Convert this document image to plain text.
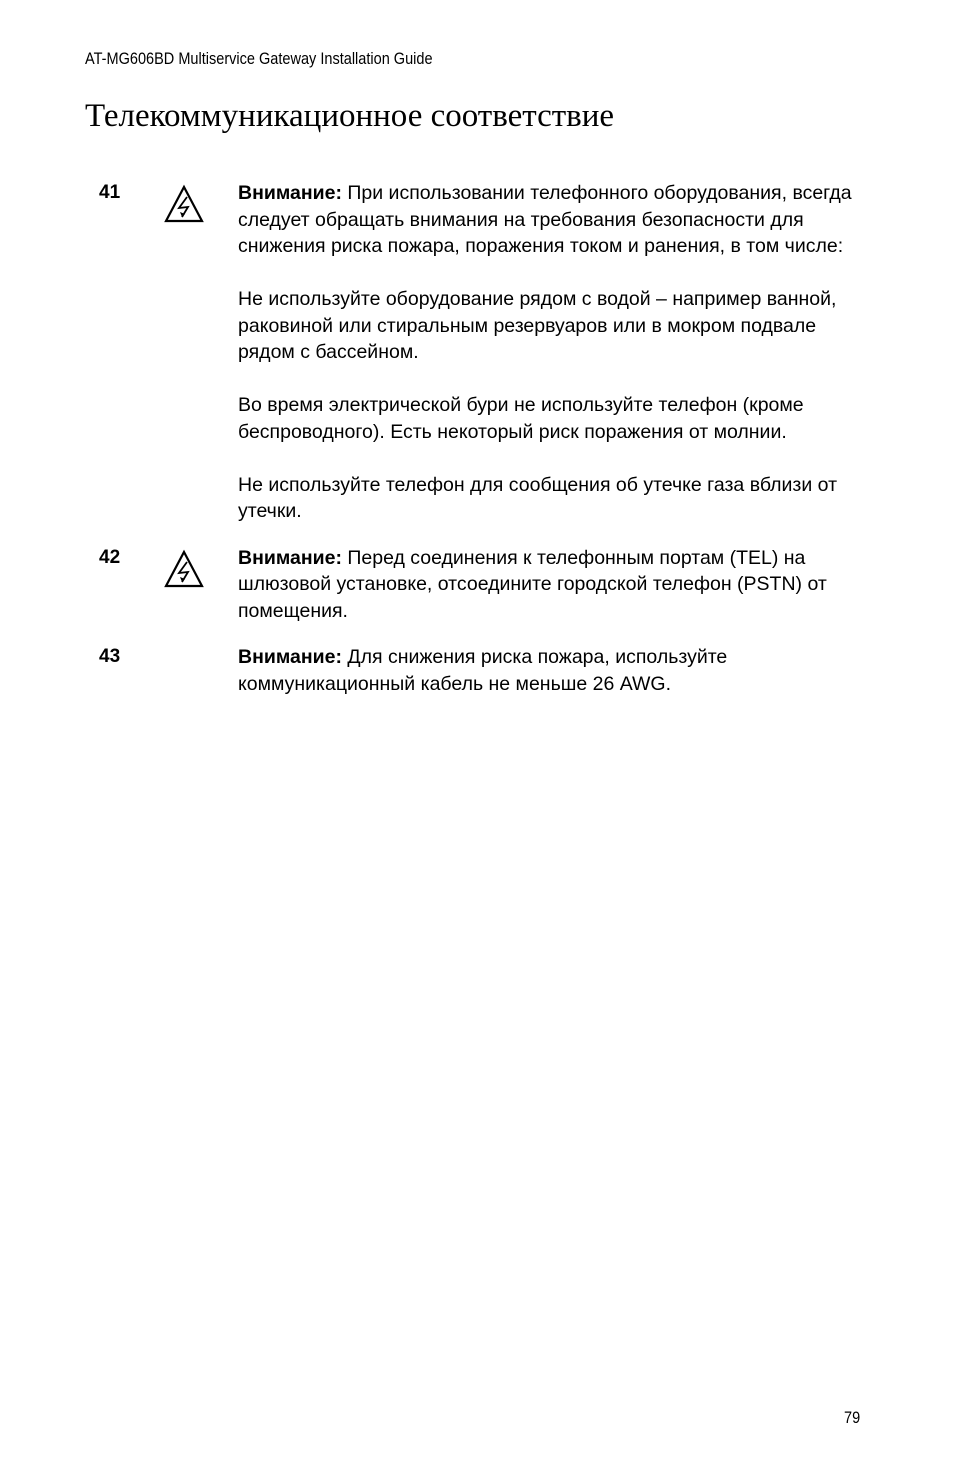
AT-MG606BD Multiservice Gateway Installation Guide
Телекоммуникационное соответствие
41	Внимание: При использовании телефонного оборудования, всегда следует обращать внимания на требования безопасности для снижения риска пожара, поражения током и ранения, в том числе:

Не используйте оборудование рядом с водой – например ванной, раковиной или стиральным резервуаров или в мокром подвале рядом с бассейном.

Во время электрической бури не используйте телефон (кроме беспроводного). Есть некоторый риск поражения от молнии.

Не используйте телефон для сообщения об утечке газа вблизи от утечки.

42	Внимание: Перед соединения к телефонным портам (TEL) на шлюзовой установке, отсоедините городской телефон (PSTN) от помещения.

43	Внимание: Для снижения риска пожара, используйте коммуникационный кабель не меньше 26 AWG.

79
